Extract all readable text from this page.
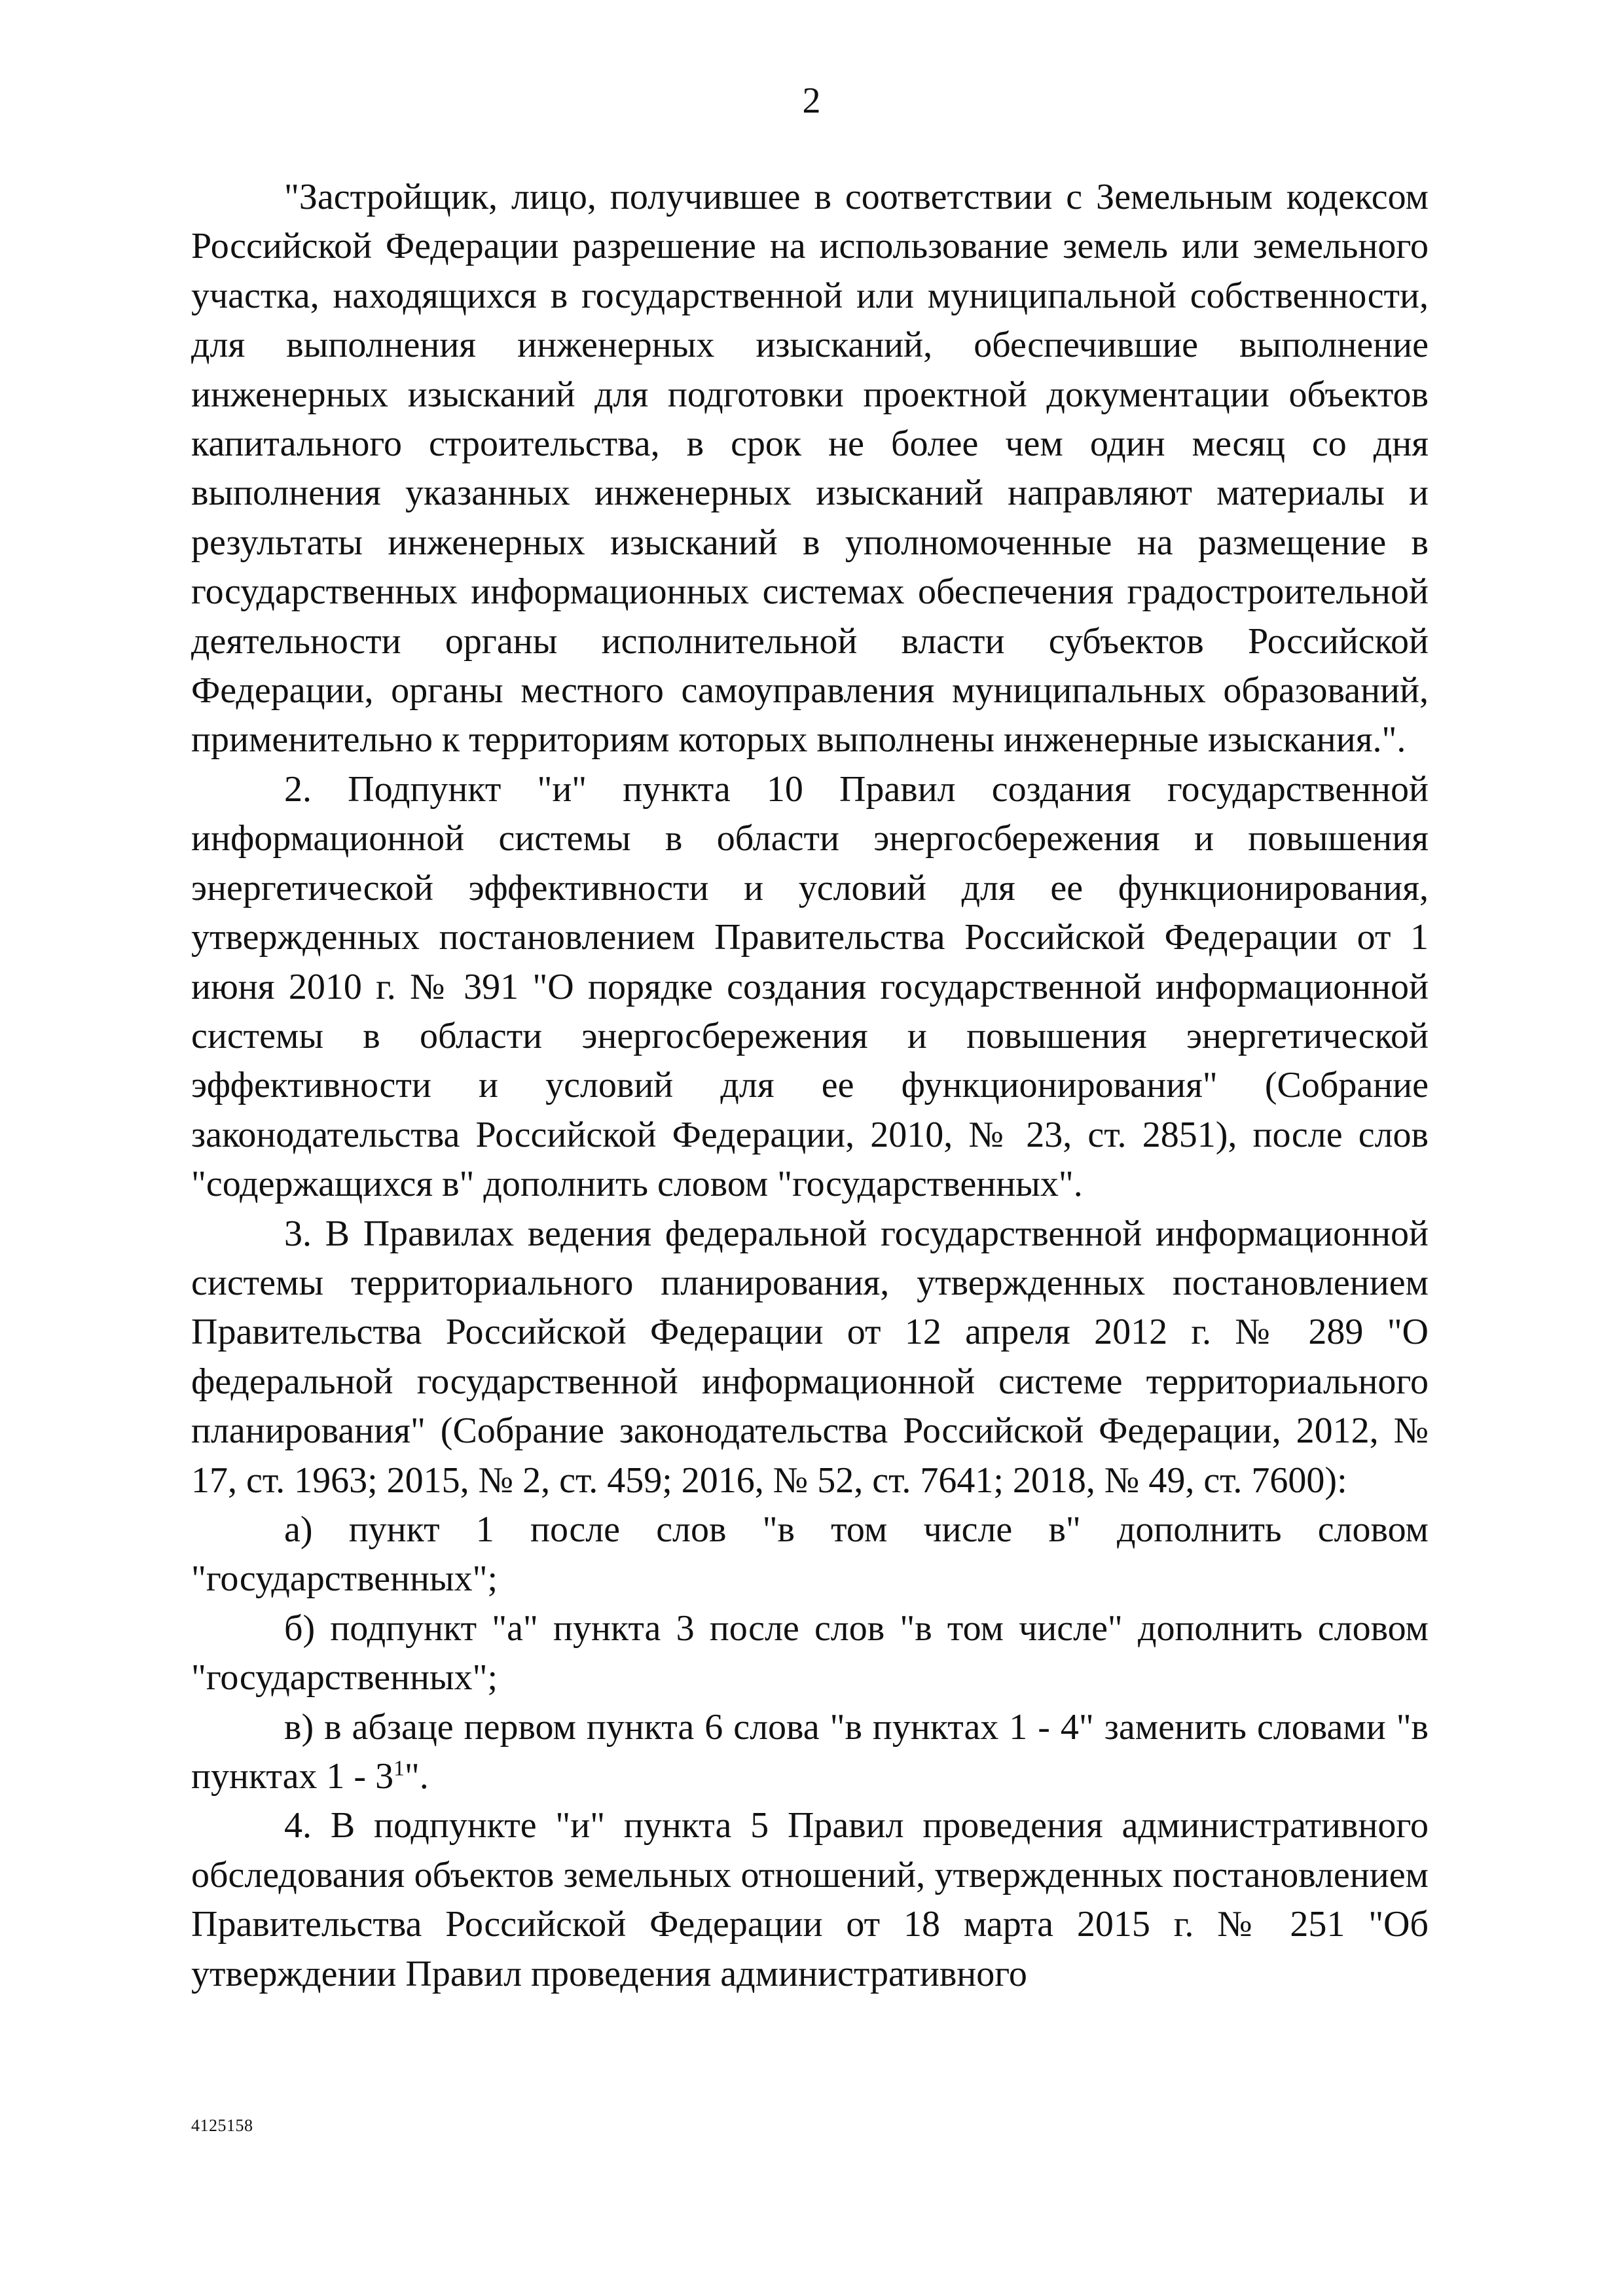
2

"Застройщик, лицо, получившее в соответствии с Земельным кодексом Российской Федерации разрешение на использование земель или земельного участка, находящихся в государственной или муниципальной собственности, для выполнения инженерных изысканий, обеспечившие выполнение инженерных изысканий для подготовки проектной документации объектов капитального строительства, в срок не более чем один месяц со дня выполнения указанных инженерных изысканий направляют материалы и результаты инженерных изысканий в уполномоченные на размещение в государственных информационных системах обеспечения градостроительной деятельности органы исполнительной власти субъектов Российской Федерации, органы местного самоуправления муниципальных образований, применительно к территориям которых выполнены инженерные изыскания.".

2. Подпункт "и" пункта 10 Правил создания государственной информационной системы в области энергосбережения и повышения энергетической эффективности и условий для ее функционирования, утвержденных постановлением Правительства Российской Федерации от 1 июня 2010 г. № 391 "О порядке создания государственной информационной системы в области энергосбережения и повышения энергетической эффективности и условий для ее функционирования" (Собрание законодательства Российской Федерации, 2010, № 23, ст. 2851), после слов "содержащихся в" дополнить словом "государственных".

3. В Правилах ведения федеральной государственной информационной системы территориального планирования, утвержденных постановлением Правительства Российской Федерации от 12 апреля 2012 г. № 289 "О федеральной государственной информационной системе территориального планирования" (Собрание законодательства Российской Федерации, 2012, № 17, ст. 1963; 2015, № 2, ст. 459; 2016, № 52, ст. 7641; 2018, № 49, ст. 7600):

а) пункт 1 после слов "в том числе в" дополнить словом "государственных";

б) подпункт "а" пункта 3 после слов "в том числе" дополнить словом "государственных";

в) в абзаце первом пункта 6 слова "в пунктах 1 - 4" заменить словами "в пунктах $1 - 3^1$".

4. В подпункте "и" пункта 5 Правил проведения административного обследования объектов земельных отношений, утвержденных постановлением Правительства Российской Федерации от 18 марта 2015 г. № 251 "Об утверждении Правил проведения административного

4125158
